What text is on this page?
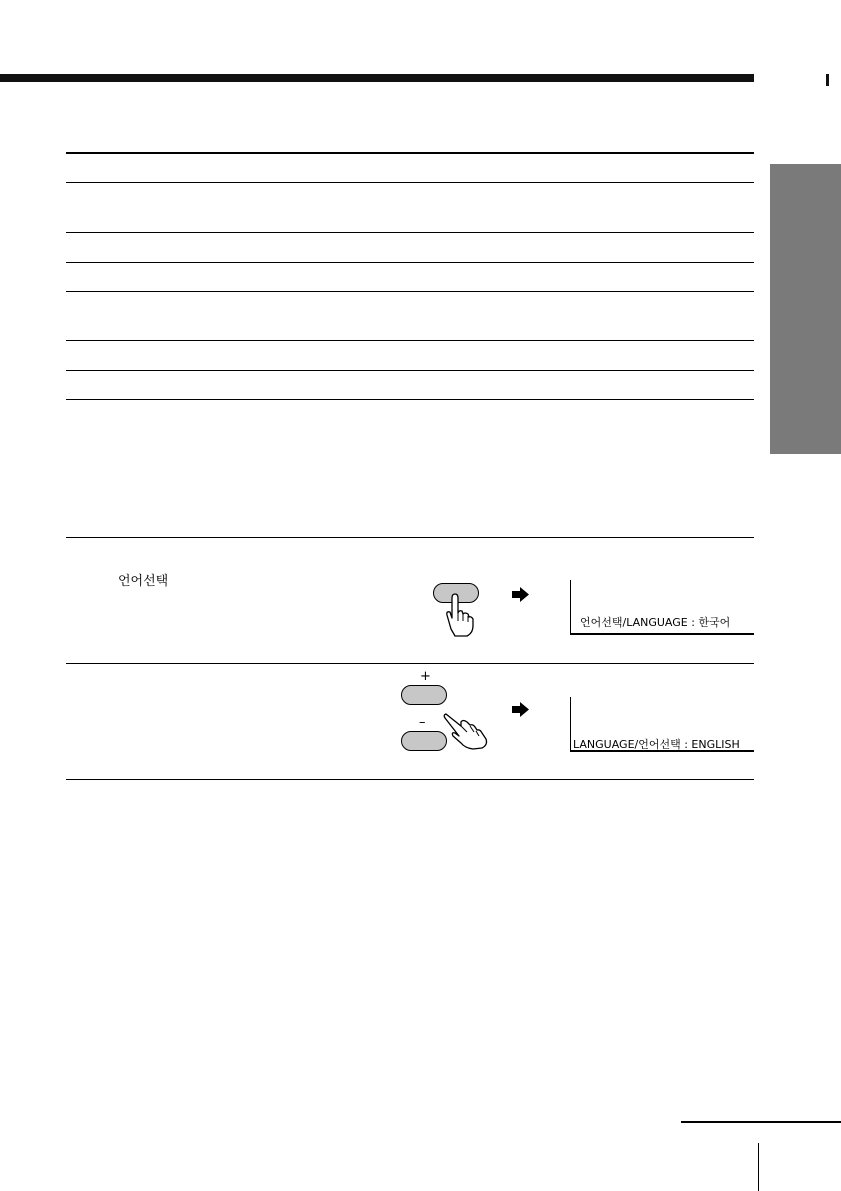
언어선택
언어선택/LANGUAGE : 한국어
+
–
LANGUAGE/언어선택 : ENGLISH
